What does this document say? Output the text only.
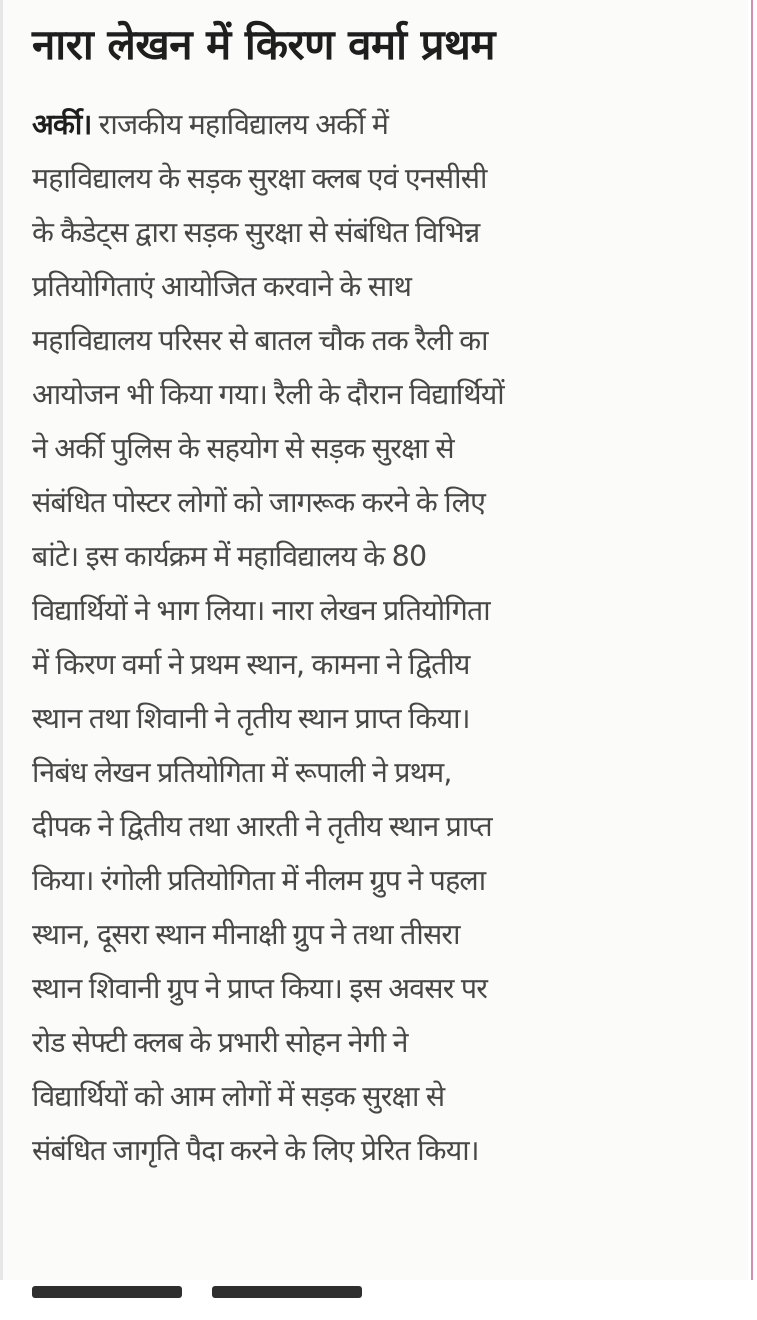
नारा लेखन में किरण वर्मा प्रथम
अर्की। राजकीय महाविद्यालय अर्की में
महाविद्यालय के सड़क सुरक्षा क्लब एवं एनसीसी
के कैडेट्स द्वारा सड़क सुरक्षा से संबंधित विभिन्न
प्रतियोगिताएं आयोजित करवाने के साथ
महाविद्यालय परिसर से बातल चौक तक रैली का
आयोजन भी किया गया। रैली के दौरान विद्यार्थियों
ने अर्की पुलिस के सहयोग से सड़क सुरक्षा से
संबंधित पोस्टर लोगों को जागरूक करने के लिए
बांटे। इस कार्यक्रम में महाविद्यालय के 80
विद्यार्थियों ने भाग लिया। नारा लेखन प्रतियोगिता
में किरण वर्मा ने प्रथम स्थान, कामना ने द्वितीय
स्थान तथा शिवानी ने तृतीय स्थान प्राप्त किया।
निबंध लेखन प्रतियोगिता में रूपाली ने प्रथम,
दीपक ने द्वितीय तथा आरती ने तृतीय स्थान प्राप्त
किया। रंगोली प्रतियोगिता में नीलम ग्रुप ने पहला
स्थान, दूसरा स्थान मीनाक्षी ग्रुप ने तथा तीसरा
स्थान शिवानी ग्रुप ने प्राप्त किया। इस अवसर पर
रोड सेफ्टी क्लब के प्रभारी सोहन नेगी ने
विद्यार्थियों को आम लोगों में सड़क सुरक्षा से
संबंधित जागृति पैदा करने के लिए प्रेरित किया।
